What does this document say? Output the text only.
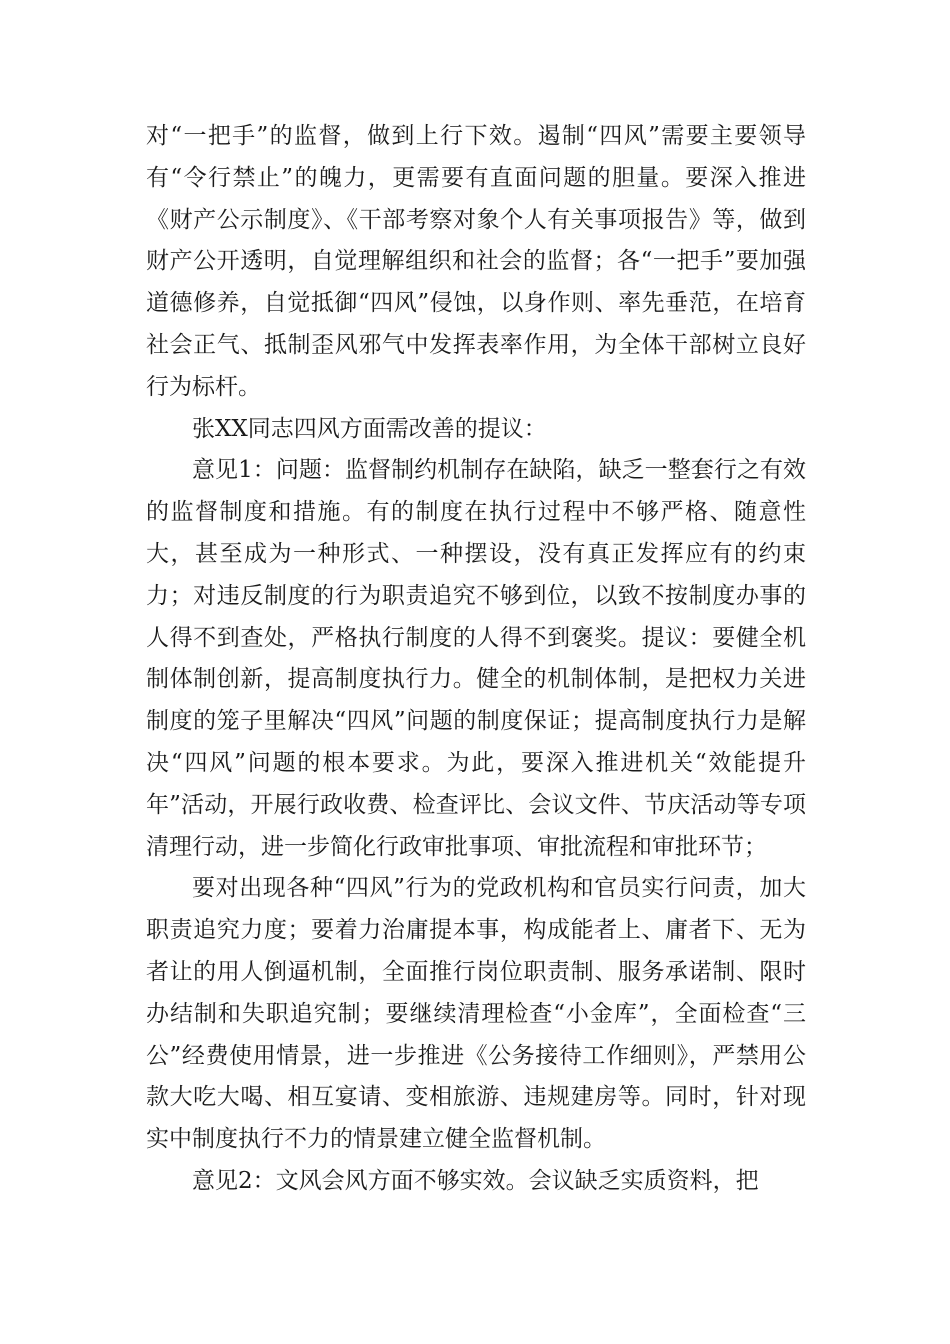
对“一把手”的监督，做到上行下效。遏制“四风”需要主要领导有“令行禁止”的魄力，更需要有直面问题的胆量。要深入推进《财产公示制度》、《干部考察对象个人有关事项报告》等，做到财产公开透明，自觉理解组织和社会的监督；各“一把手”要加强道德修养，自觉抵御“四风”侵蚀，以身作则、率先垂范，在培育社会正气、抵制歪风邪气中发挥表率作用，为全体干部树立良好行为标杆。

张XX同志四风方面需改善的提议：

意见1：问题：监督制约机制存在缺陷，缺乏一整套行之有效的监督制度和措施。有的制度在执行过程中不够严格、随意性大，甚至成为一种形式、一种摆设，没有真正发挥应有的约束力；对违反制度的行为职责追究不够到位，以致不按制度办事的人得不到查处，严格执行制度的人得不到褒奖。提议：要健全机制体制创新，提高制度执行力。健全的机制体制，是把权力关进制度的笼子里解决“四风”问题的制度保证；提高制度执行力是解决“四风”问题的根本要求。为此，要深入推进机关“效能提升年”活动，开展行政收费、检查评比、会议文件、节庆活动等专项清理行动，进一步简化行政审批事项、审批流程和审批环节；

要对出现各种“四风”行为的党政机构和官员实行问责，加大职责追究力度；要着力治庸提本事，构成能者上、庸者下、无为者让的用人倒逼机制，全面推行岗位职责制、服务承诺制、限时办结制和失职追究制；要继续清理检查“小金库”，全面检查“三公”经费使用情景，进一步推进《公务接待工作细则》，严禁用公款大吃大喝、相互宴请、变相旅游、违规建房等。同时，针对现实中制度执行不力的情景建立健全监督机制。

意见2：文风会风方面不够实效。会议缺乏实质资料，把
